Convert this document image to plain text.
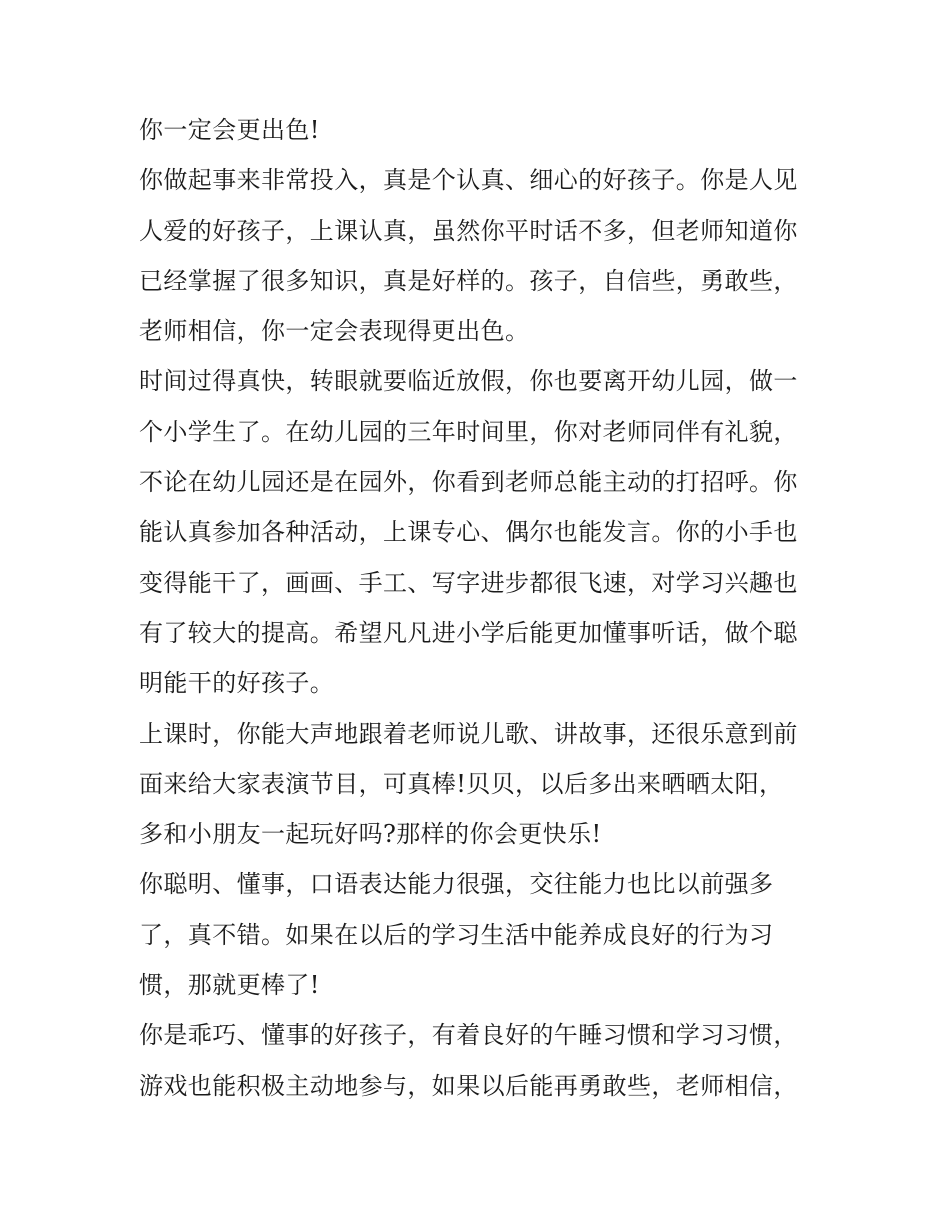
你一定会更出色!
你做起事来非常投入，真是个认真、细心的好孩子。你是人见
人爱的好孩子，上课认真，虽然你平时话不多，但老师知道你
已经掌握了很多知识，真是好样的。孩子，自信些，勇敢些，
老师相信，你一定会表现得更出色。
时间过得真快，转眼就要临近放假，你也要离开幼儿园，做一
个小学生了。在幼儿园的三年时间里，你对老师同伴有礼貌，
不论在幼儿园还是在园外，你看到老师总能主动的打招呼。你
能认真参加各种活动，上课专心、偶尔也能发言。你的小手也
变得能干了，画画、手工、写字进步都很飞速，对学习兴趣也
有了较大的提高。希望凡凡进小学后能更加懂事听话，做个聪
明能干的好孩子。
上课时，你能大声地跟着老师说儿歌、讲故事，还很乐意到前
面来给大家表演节目，可真棒!贝贝，以后多出来晒晒太阳，
多和小朋友一起玩好吗?那样的你会更快乐!
你聪明、懂事，口语表达能力很强，交往能力也比以前强多
了，真不错。如果在以后的学习生活中能养成良好的行为习
惯，那就更棒了!
你是乖巧、懂事的好孩子，有着良好的午睡习惯和学习习惯，
游戏也能积极主动地参与，如果以后能再勇敢些，老师相信，
